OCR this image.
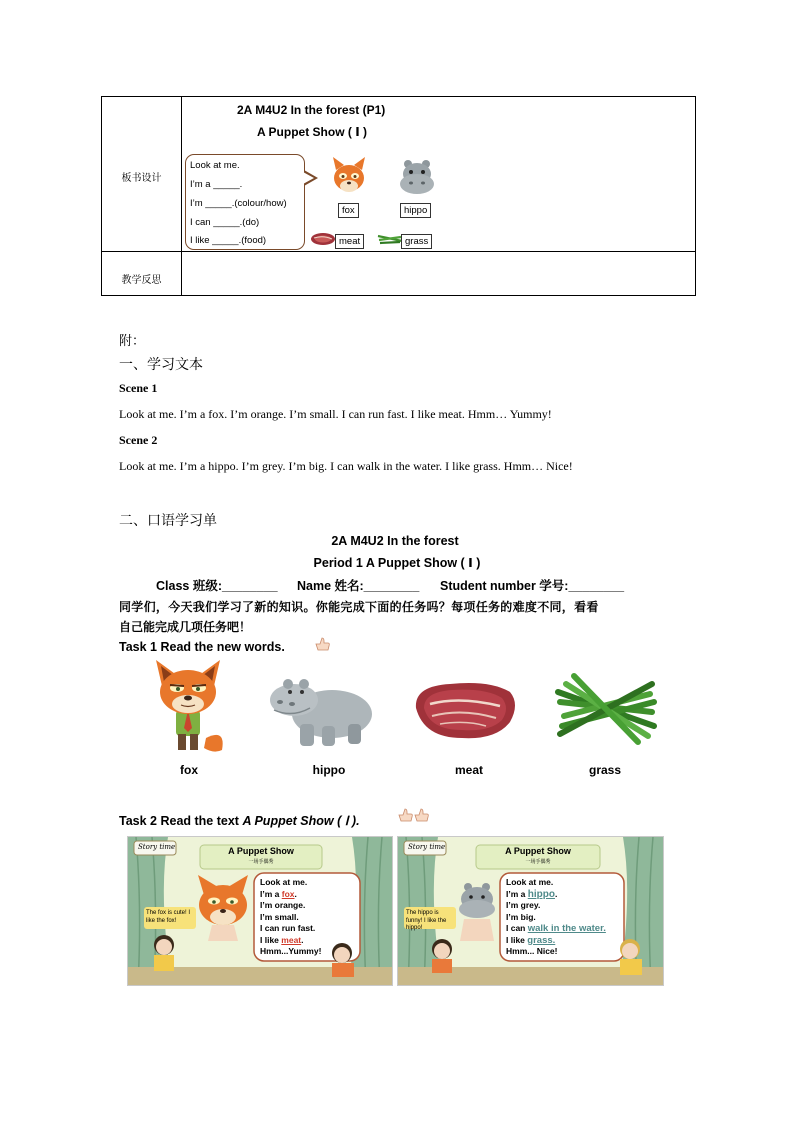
板书设计
教学反思
2A M4U2 In the forest (P1)
A Puppet Show ( Ⅰ )
Look at me.
I’m a _____.
I’m _____.(colour/how)
I can _____.(do)
I like _____.(food)
fox	hippo
meat	grass
附：
一、学习文本
Scene 1
Look at me. I’m a fox. I’m orange. I’m small. I can run fast. I like meat. Hmm… Yummy!
Scene 2
Look at me. I’m a hippo. I’m grey. I’m big. I can walk in the water. I like grass. Hmm… Nice!
二、口语学习单
2A M4U2 In the forest
Period 1 A Puppet Show ( Ⅰ )
Class 班级:________ Name 姓名:________ Student number 学号:________
同学们，今天我们学习了新的知识。你能完成下面的任务吗？每项任务的难度不同，看看
自己能完成几项任务吧！
Task 1 Read the new words.
fox	hippo	meat	grass
Task 2 Read the text A Puppet Show ( Ⅰ ).
Story time	A Puppet Show
一场手偶秀
The fox is cute! I like the fox!
Look at me.
I’m a fox.
I’m orange.
I’m small.
I can run fast.
I like meat.
Hmm...Yummy!
Story time	A Puppet Show
一场手偶秀
The hippo is funny! I like the hippo!
Look at me.
I’m a hippo.
I’m grey.
I’m big.
I can walk in the water.
I like grass.
Hmm... Nice!
